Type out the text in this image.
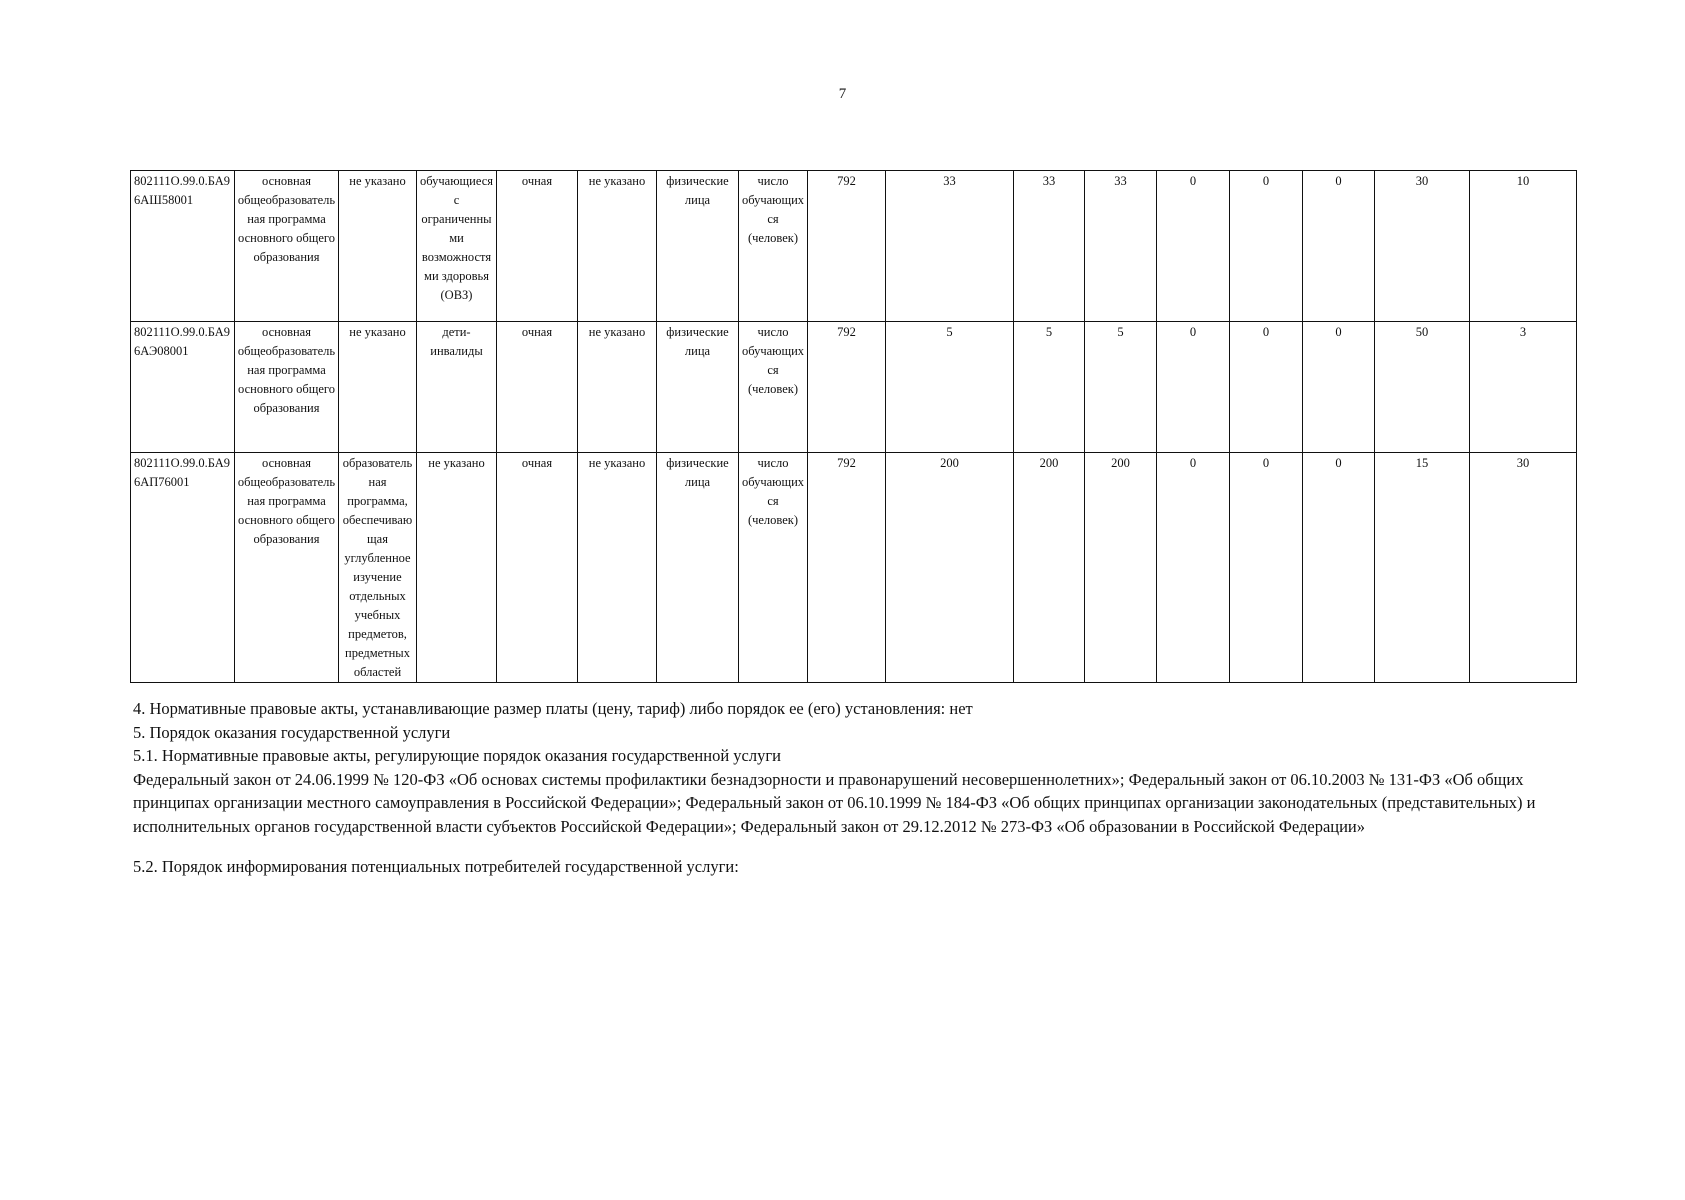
7
802111О.99.0.БА96АШ58001	основная общеобразовательная программа основного общего образования	не указано	обучающиеся с ограниченными возможностями здоровья (ОВЗ)	очная	не указано	физические лица	число обучающихся (человек)	792	33	33	33	0	0	0	30	10
802111О.99.0.БА96АЭ08001	основная общеобразовательная программа основного общего образования	не указано	дети-инвалиды	очная	не указано	физические лица	число обучающихся (человек)	792	5	5	5	0	0	0	50	3
802111О.99.0.БА96АП76001	основная общеобразовательная программа основного общего образования	образовательная программа, обеспечивающая углубленное изучение отдельных учебных предметов, предметных областей	не указано	очная	не указано	физические лица	число обучающихся (человек)	792	200	200	200	0	0	0	15	30

4. Нормативные правовые акты, устанавливающие размер платы (цену, тариф) либо порядок ее (его) установления: нет

5. Порядок оказания государственной услуги

5.1. Нормативные правовые акты, регулирующие порядок оказания государственной услуги

Федеральный закон от 24.06.1999 № 120-ФЗ «Об основах системы профилактики безнадзорности и правонарушений несовершеннолетних»; Федеральный закон от 06.10.2003 № 131-ФЗ «Об общих принципах организации местного самоуправления в Российской Федерации»; Федеральный закон от 06.10.1999 № 184-ФЗ «Об общих принципах организации законодательных (представительных) и исполнительных органов государственной власти субъектов Российской Федерации»; Федеральный закон от 29.12.2012 № 273-ФЗ «Об образовании в Российской Федерации»

5.2. Порядок информирования потенциальных потребителей государственной услуги:
